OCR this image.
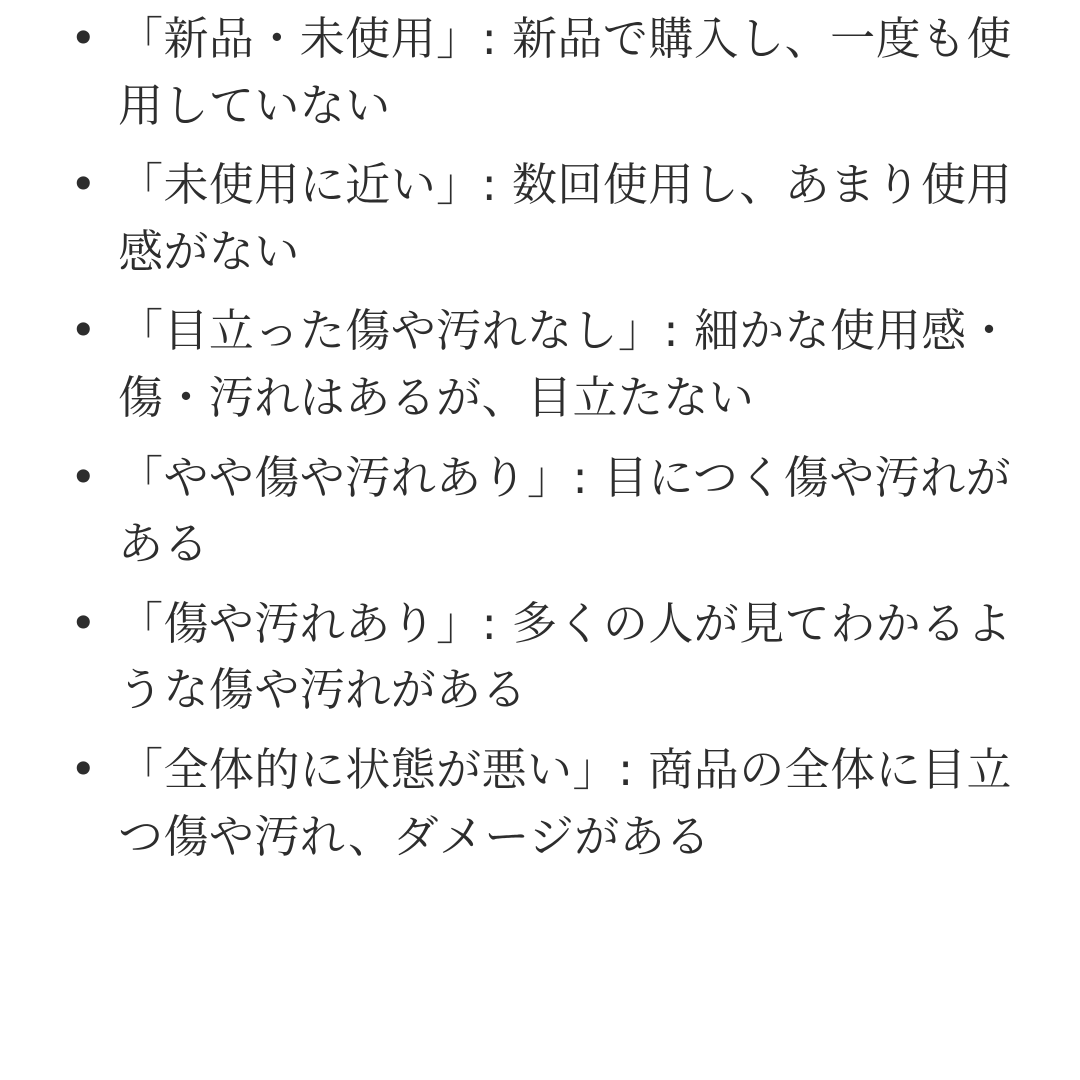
• 「新品・未使用」: 新品で購入し、一度も使用していない
• 「未使用に近い」: 数回使用し、あまり使用感がない
• 「目立った傷や汚れなし」: 細かな使用感・傷・汚れはあるが、目立たない
• 「やや傷や汚れあり」: 目につく傷や汚れがある
• 「傷や汚れあり」: 多くの人が見てわかるような傷や汚れがある
• 「全体的に状態が悪い」: 商品の全体に目立つ傷や汚れ、ダメージがある
